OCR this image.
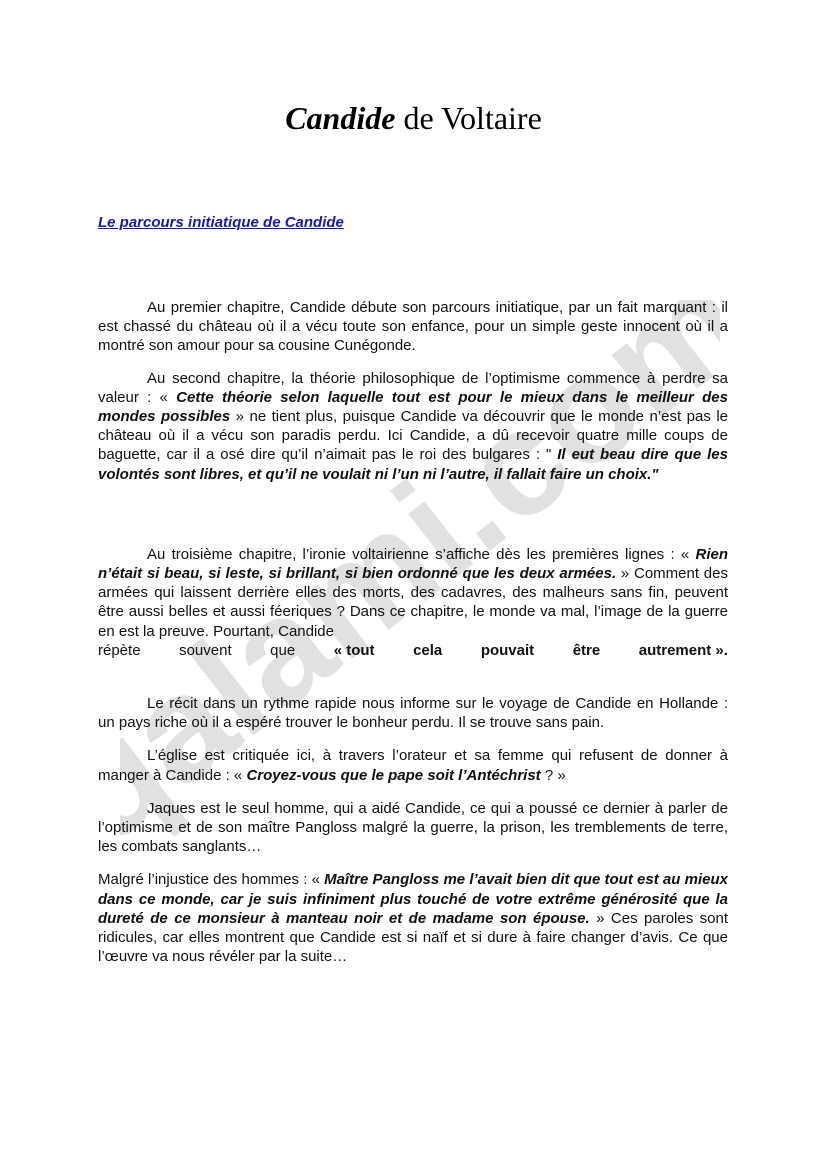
qalami.com
Candide de Voltaire
Le parcours initiatique de Candide

Au premier chapitre, Candide débute son parcours initiatique, par un fait marquant : il est chassé du château où il a vécu toute son enfance, pour un simple geste innocent où il a montré son amour pour sa cousine Cunégonde.

Au second chapitre, la théorie philosophique de l’optimisme commence à perdre sa valeur : « Cette théorie selon laquelle tout est pour le mieux dans le meilleur des mondes possibles » ne tient plus, puisque Candide va découvrir que le monde n’est pas le château où il a vécu son paradis perdu. Ici Candide, a dû recevoir quatre mille coups de baguette, car il a osé dire qu’il n’aimait pas le roi des bulgares : " Il eut beau dire que les volontés sont libres, et qu’il ne voulait ni l’un ni l’autre, il fallait faire un choix."

Au troisième chapitre, l’ironie voltairienne s’affiche dès les premières lignes : « Rien n’était si beau, si leste, si brillant, si bien ordonné que les deux armées. » Comment des armées qui laissent derrière elles des morts, des cadavres, des malheurs sans fin, peuvent être aussi belles et aussi féeriques ? Dans ce chapitre, le monde va mal, l’image de la guerre en est la preuve. Pourtant, Candide

répète	souvent	que	« tout	cela	pouvait	être	autrement ».

Le récit dans un rythme rapide nous informe sur le voyage de Candide en Hollande : un pays riche où il a espéré trouver le bonheur perdu. Il se trouve sans pain.

L’église est critiquée ici, à travers l’orateur et sa femme qui refusent de donner à manger à Candide : « Croyez-vous que le pape soit l’Antéchrist ? »

Jaques est le seul homme, qui a aidé Candide, ce qui a poussé ce dernier à parler de l’optimisme et de son maître Pangloss malgré la guerre, la prison, les tremblements de terre, les combats sanglants…

Malgré l’injustice des hommes : « Maître Pangloss me l’avait bien dit que tout est au mieux dans ce monde, car je suis infiniment plus touché de votre extrême générosité que la dureté de ce monsieur à manteau noir et de madame son épouse. » Ces paroles sont ridicules, car elles montrent que Candide est si naïf et si dure à faire changer d’avis. Ce que l’œuvre va nous révéler par la suite…
